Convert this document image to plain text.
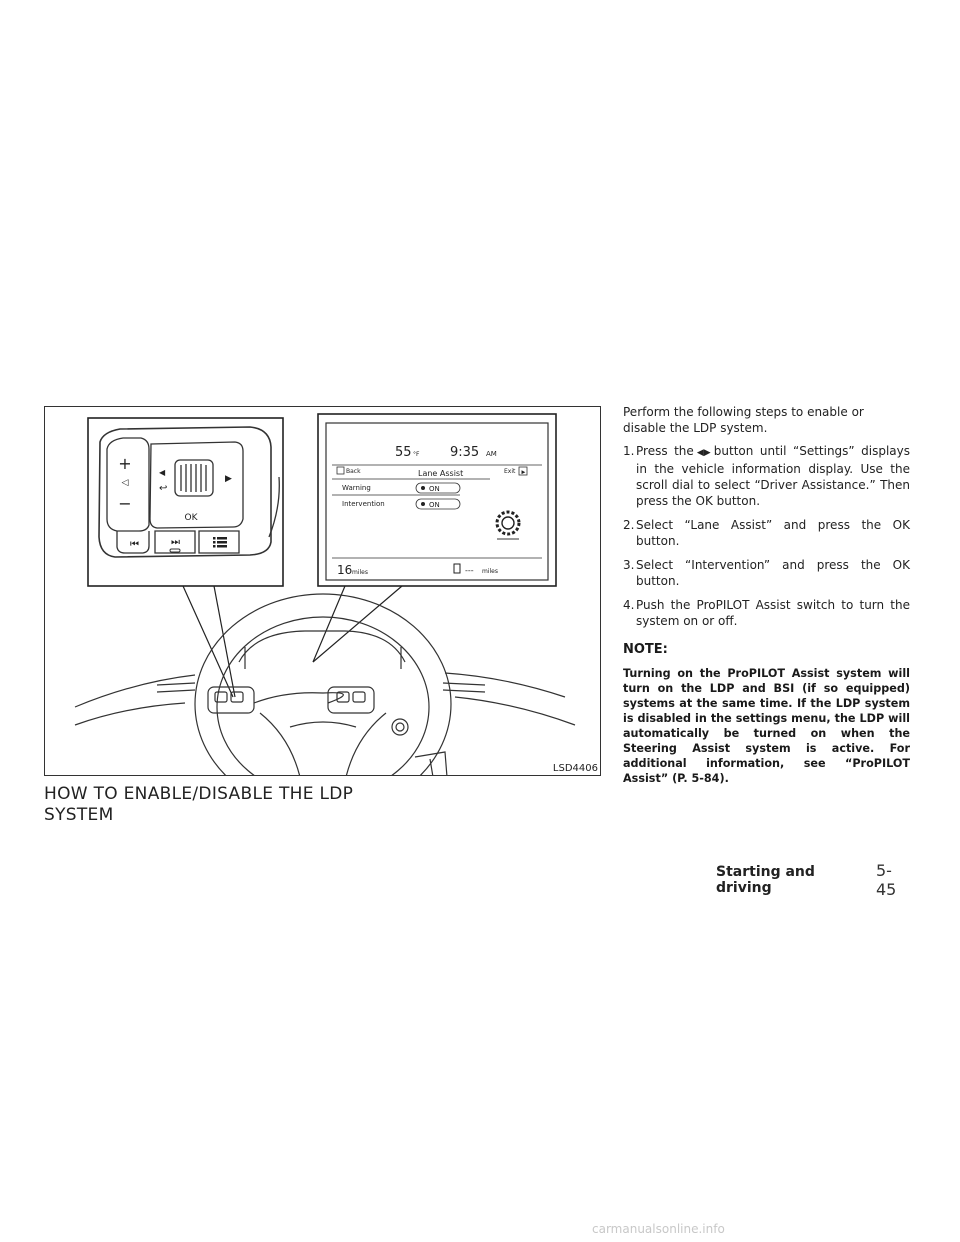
+
◁
−
◀
↩
▶
OK
⏮	⏭
55 °F 9:35 AM
Back	Lane Assist	Exit ▶
Warning	ON
Intervention	ON
16 miles	--- miles
LSD4406
HOW TO ENABLE/DISABLE THE LDP SYSTEM

Perform the following steps to enable or disable the LDP system.

1. Press the ◀▶ button until “Settings” displays in the vehicle information display. Use the scroll dial to select “Driver Assistance.” Then press the OK button.
2. Select “Lane Assist” and press the OK button.
3. Select “Intervention” and press the OK button.
4. Push the ProPILOT Assist switch to turn the system on or off.
NOTE:

Turning on the ProPILOT Assist system will turn on the LDP and BSI (if so equipped) systems at the same time. If the LDP system is disabled in the settings menu, the LDP will automatically be turned on when the Steering Assist system is active. For additional information, see “ProPILOT Assist” (P. 5-84).

Starting and driving
5-45
carmanualsonline.info
